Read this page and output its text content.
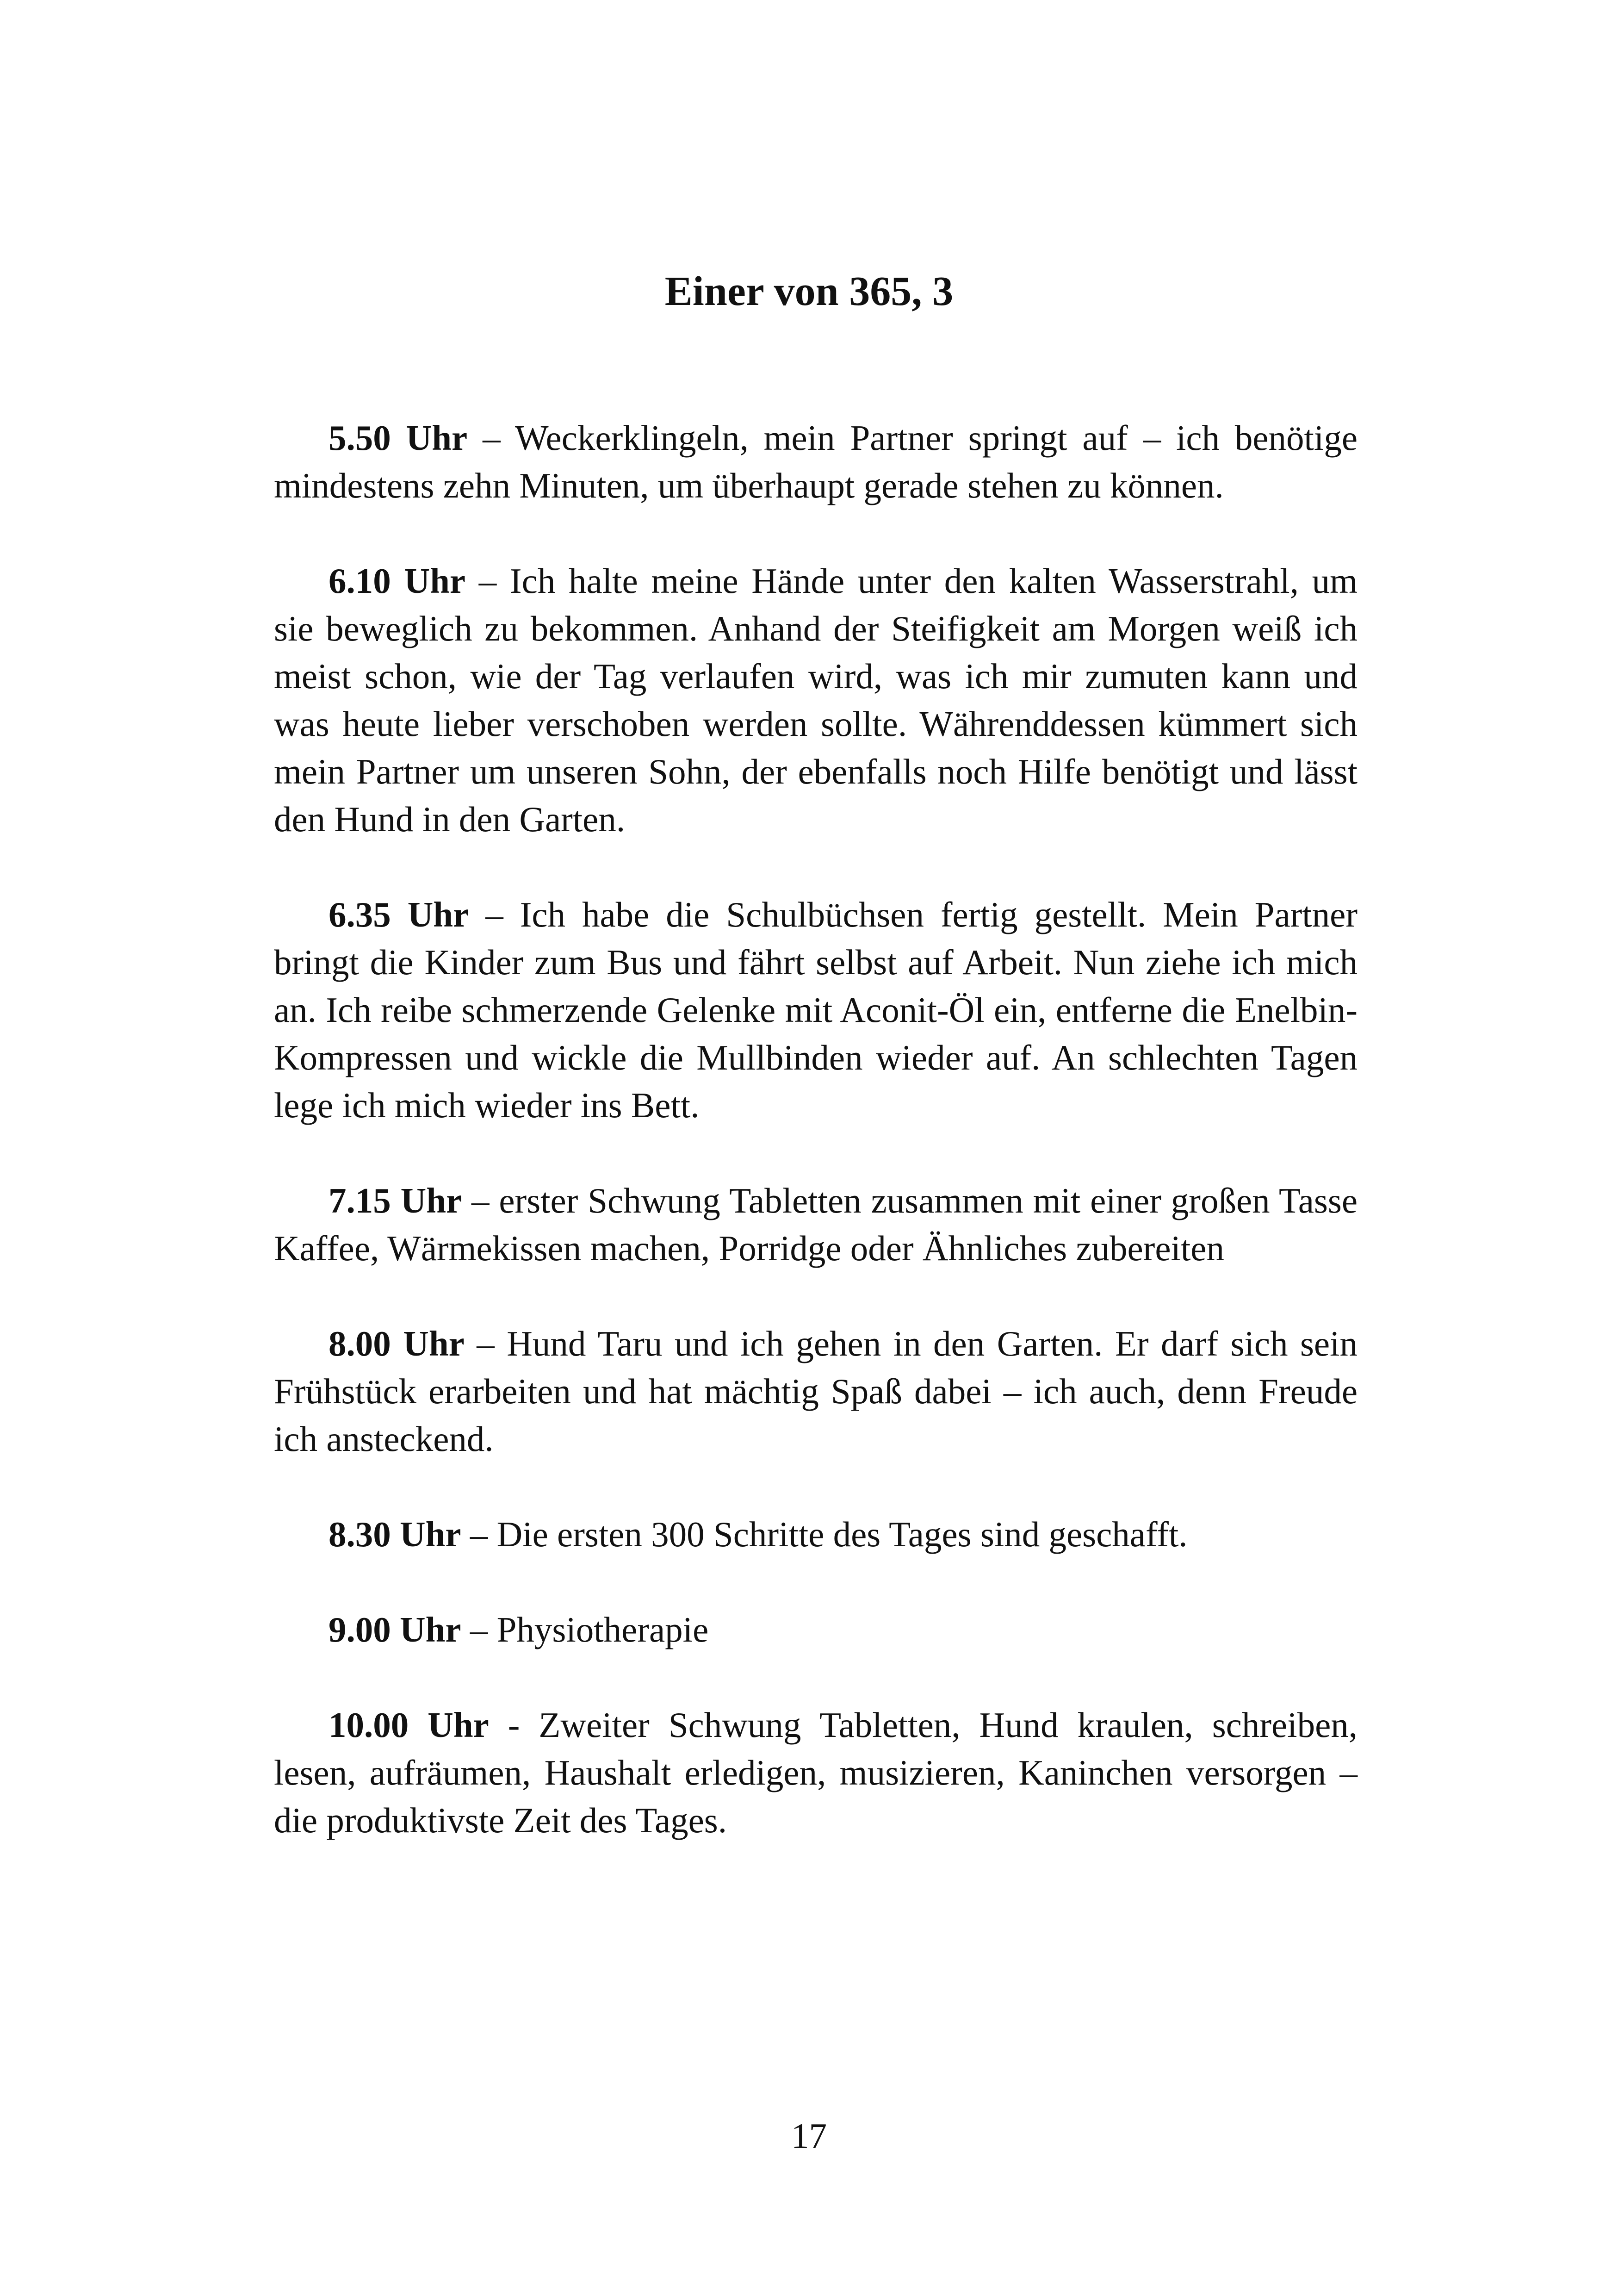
Einer von 365, 3

5.50 Uhr – Weckerklingeln, mein Partner springt auf – ich benötige mindestens zehn Minuten, um überhaupt gerade stehen zu können.

6.10 Uhr – Ich halte meine Hände unter den kalten Wasserstrahl, um sie beweglich zu bekommen. Anhand der Steifigkeit am Morgen weiß ich meist schon, wie der Tag verlaufen wird, was ich mir zumuten kann und was heute lieber verschoben werden sollte. Währenddessen kümmert sich mein Partner um unseren Sohn, der ebenfalls noch Hilfe benötigt und lässt den Hund in den Garten.

6.35 Uhr – Ich habe die Schulbüchsen fertig gestellt. Mein Partner bringt die Kinder zum Bus und fährt selbst auf Arbeit. Nun ziehe ich mich an. Ich reibe schmerzende Gelenke mit Aconit-Öl ein, entferne die Enelbin-Kompressen und wickle die Mullbinden wieder auf. An schlechten Tagen lege ich mich wieder ins Bett.

7.15 Uhr – erster Schwung Tabletten zusammen mit einer großen Tasse Kaffee, Wärmekissen machen, Porridge oder Ähnliches zubereiten

8.00 Uhr – Hund Taru und ich gehen in den Garten. Er darf sich sein Frühstück erarbeiten und hat mächtig Spaß dabei – ich auch, denn Freude ich ansteckend.

8.30 Uhr – Die ersten 300 Schritte des Tages sind geschafft.

9.00 Uhr – Physiotherapie

10.00 Uhr - Zweiter Schwung Tabletten, Hund kraulen, schreiben, lesen, aufräumen, Haushalt erledigen, musizieren, Kaninchen versorgen – die produktivste Zeit des Tages.

17
